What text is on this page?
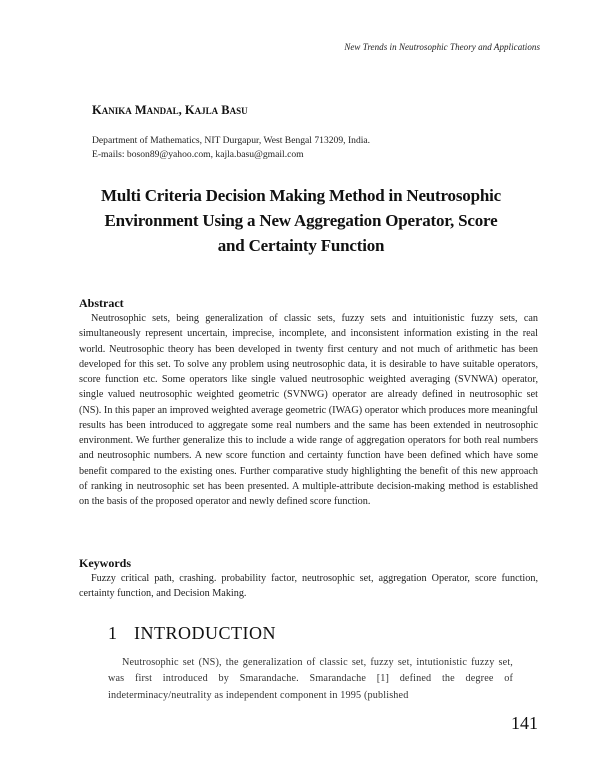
New Trends in Neutrosophic Theory and Applications
Kanika Mandal, Kajla Basu
Department of Mathematics, NIT Durgapur, West Bengal 713209, India.
E-mails: boson89@yahoo.com, kajla.basu@gmail.com
Multi Criteria Decision Making Method in Neutrosophic
Environment Using a New Aggregation Operator, Score
and Certainty Function
Abstract

Neutrosophic sets, being generalization of classic sets, fuzzy sets and intuitionistic fuzzy sets, can simultaneously represent uncertain, imprecise, incomplete, and inconsistent information existing in the real world. Neutrosophic theory has been developed in twenty first century and not much of arithmetic has been developed for this set. To solve any problem using neutrosophic data, it is desirable to have suitable operators, score function etc. Some operators like single valued neutrosophic weighted averaging (SVNWA) operator, single valued neutrosophic weighted geometric (SVNWG) operator are already defined in neutrosophic set (NS). In this paper an improved weighted average geometric (IWAG) operator which produces more meaningful results has been introduced to aggregate some real numbers and the same has been extended in neutrosophic environment. We further generalize this to include a wide range of aggregation operators for both real numbers and neutrosophic numbers. A new score function and certainty function have been defined which have some benefit compared to the existing ones. Further comparative study highlighting the benefit of this new approach of ranking in neutrosophic set has been presented. A multiple-attribute decision-making method is established on the basis of the proposed operator and newly defined score function.

Keywords

Fuzzy critical path, crashing. probability factor, neutrosophic set, aggregation Operator, score function, certainty function, and Decision Making.

1 INTRODUCTION

Neutrosophic set (NS), the generalization of classic set, fuzzy set, intutionistic fuzzy set, was first introduced by Smarandache. Smarandache [1] defined the degree of indeterminacy/neutrality as independent component in 1995 (published

141
